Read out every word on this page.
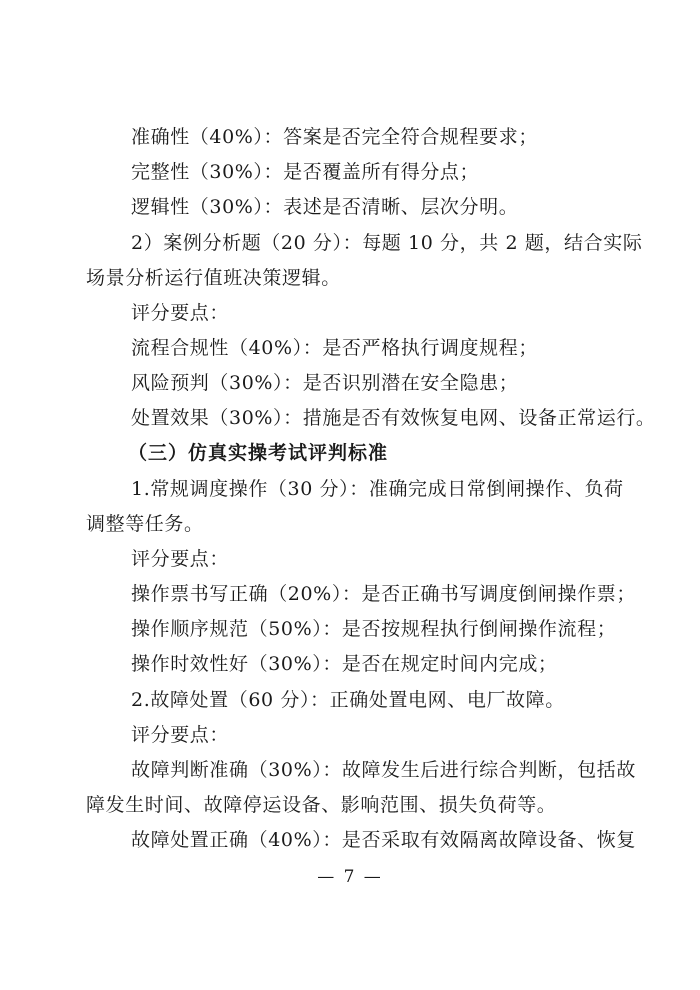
准确性（40%）：答案是否完全符合规程要求；
完整性（30%）：是否覆盖所有得分点；
逻辑性（30%）：表述是否清晰、层次分明。
2）案例分析题（20 分）：每题 10 分，共 2 题，结合实际
场景分析运行值班决策逻辑。
评分要点：
流程合规性（40%）：是否严格执行调度规程；
风险预判（30%）：是否识别潜在安全隐患；
处置效果（30%）：措施是否有效恢复电网、设备正常运行。
（三）仿真实操考试评判标准
1.常规调度操作（30 分）：准确完成日常倒闸操作、负荷
调整等任务。
评分要点：
操作票书写正确（20%）：是否正确书写调度倒闸操作票；
操作顺序规范（50%）：是否按规程执行倒闸操作流程；
操作时效性好（30%）：是否在规定时间内完成；
2.故障处置（60 分）：正确处置电网、电厂故障。
评分要点：
故障判断准确（30%）：故障发生后进行综合判断，包括故
障发生时间、故障停运设备、影响范围、损失负荷等。
故障处置正确（40%）：是否采取有效隔离故障设备、恢复
— 7 —
